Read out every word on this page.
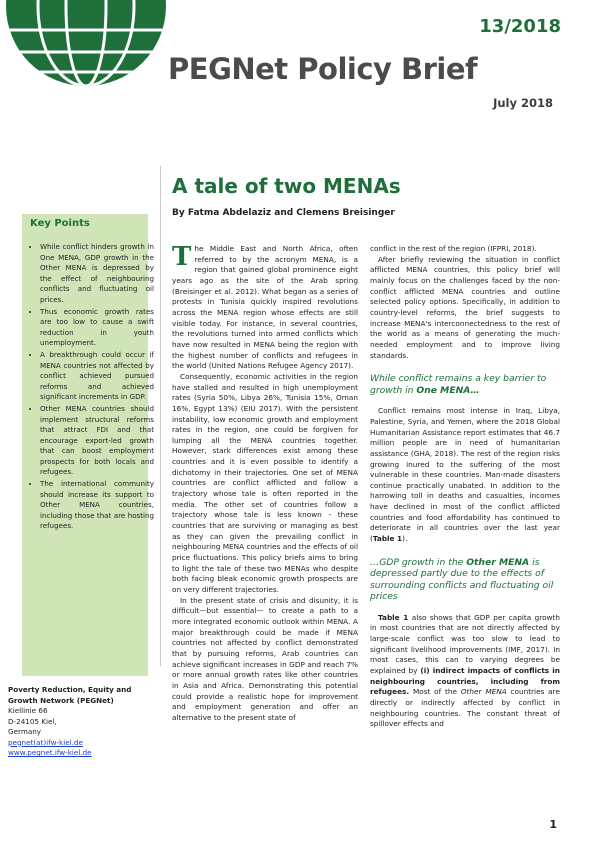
13/2018
PEGNet Policy Brief
July 2018
A tale of two MENAs
By Fatma Abdelaziz and Clemens Breisinger
Key Points
• While conflict hinders growth in One MENA, GDP growth in the Other MENA is depressed by the effect of neighbouring conflicts and fluctuating oil prices.
• Thus economic growth rates are too low to cause a swift reduction in youth unemployment.
• A breakthrough could occur if MENA countries not affected by conflict achieved pursued reforms and achieved significant increments in GDP.
• Other MENA countries should implement structural reforms that attract FDI and that encourage export-led growth that can boost employment prospects for both locals and refugees.
• The international community should increase its support to Other MENA countries, including those that are hosting refugees.
Poverty Reduction, Equity and Growth Network (PEGNet)
Kiellinie 66
D-24105 Kiel,
Germany
pegnet(at)ifw-kiel.de
www.pegnet.ifw-kiel.de

The Middle East and North Africa, often referred to by the acronym MENA, is a region that gained global prominence eight years ago as the site of the Arab spring (Breisinger et al. 2012). What began as a series of protests in Tunisia quickly inspired revolutions across the MENA region whose effects are still visible today. For instance, in several countries, the revolutions turned into armed conflicts which have now resulted in MENA being the region with the highest number of conflicts and refugees in the world (United Nations Refugee Agency 2017).

Consequently, economic activities in the region have stalled and resulted in high unemployment rates (Syria 50%, Libya 26%, Tunisia 15%, Oman 16%, Egypt 13%) (EIU 2017). With the persistent instability, low economic growth and employment rates in the region, one could be forgiven for lumping all the MENA countries together. However, stark differences exist among these countries and it is even possible to identify a dichotomy in their trajectories. One set of MENA countries are conflict afflicted and follow a trajectory whose tale is often reported in the media. The other set of countries follow a trajectory whose tale is less known - these countries that are surviving or managing as best as they can given the prevailing conflict in neighbouring MENA countries and the effects of oil price fluctuations. This policy briefs aims to bring to light the tale of these two MENAs who despite both facing bleak economic growth prospects are on very different trajectories.

In the present state of crisis and disunity, it is difficult—but essential— to create a path to a more integrated economic outlook within MENA. A major breakthrough could be made if MENA countries not affected by conflict demonstrated that by pursuing reforms, Arab countries can achieve significant increases in GDP and reach 7% or more annual growth rates like other countries in Asia and Africa. Demonstrating this potential could provide a realistic hope for improvement and employment generation and offer an alternative to the present state of

conflict in the rest of the region (IFPRI, 2018).

After briefly reviewing the situation in conflict afflicted MENA countries, this policy brief will mainly focus on the challenges faced by the non-conflict afflicted MENA countries and outline selected policy options. Specifically, in addition to country-level reforms, the brief suggests to increase MENA's interconnectedness to the rest of the world as a means of generating the much-needed employment and to improve living standards.

While conflict remains a key barrier to growth in One MENA…

Conflict remains most intense in Iraq, Libya, Palestine, Syria, and Yemen, where the 2018 Global Humanitarian Assistance report estimates that 46.7 million people are in need of humanitarian assistance (GHA, 2018). The rest of the region risks growing inured to the suffering of the most vulnerable in these countries. Man-made disasters continue practically unabated. In addition to the harrowing toll in deaths and casualties, incomes have declined in most of the conflict afflicted countries and food affordability has continued to deteriorate in all countries over the last year (Table 1).

…GDP growth in the Other MENA is depressed partly due to the effects of surrounding conflicts and fluctuating oil prices

Table 1 also shows that GDP per capita growth in most countries that are not directly affected by large-scale conflict was too slow to lead to significant livelihood improvements (IMF, 2017). In most cases, this can to varying degrees be explained by (i) indirect impacts of conflicts in neighbouring countries, including from refugees. Most of the Other MENA countries are directly or indirectly affected by conflict in neighbouring countries. The constant threat of spillover effects and

1
